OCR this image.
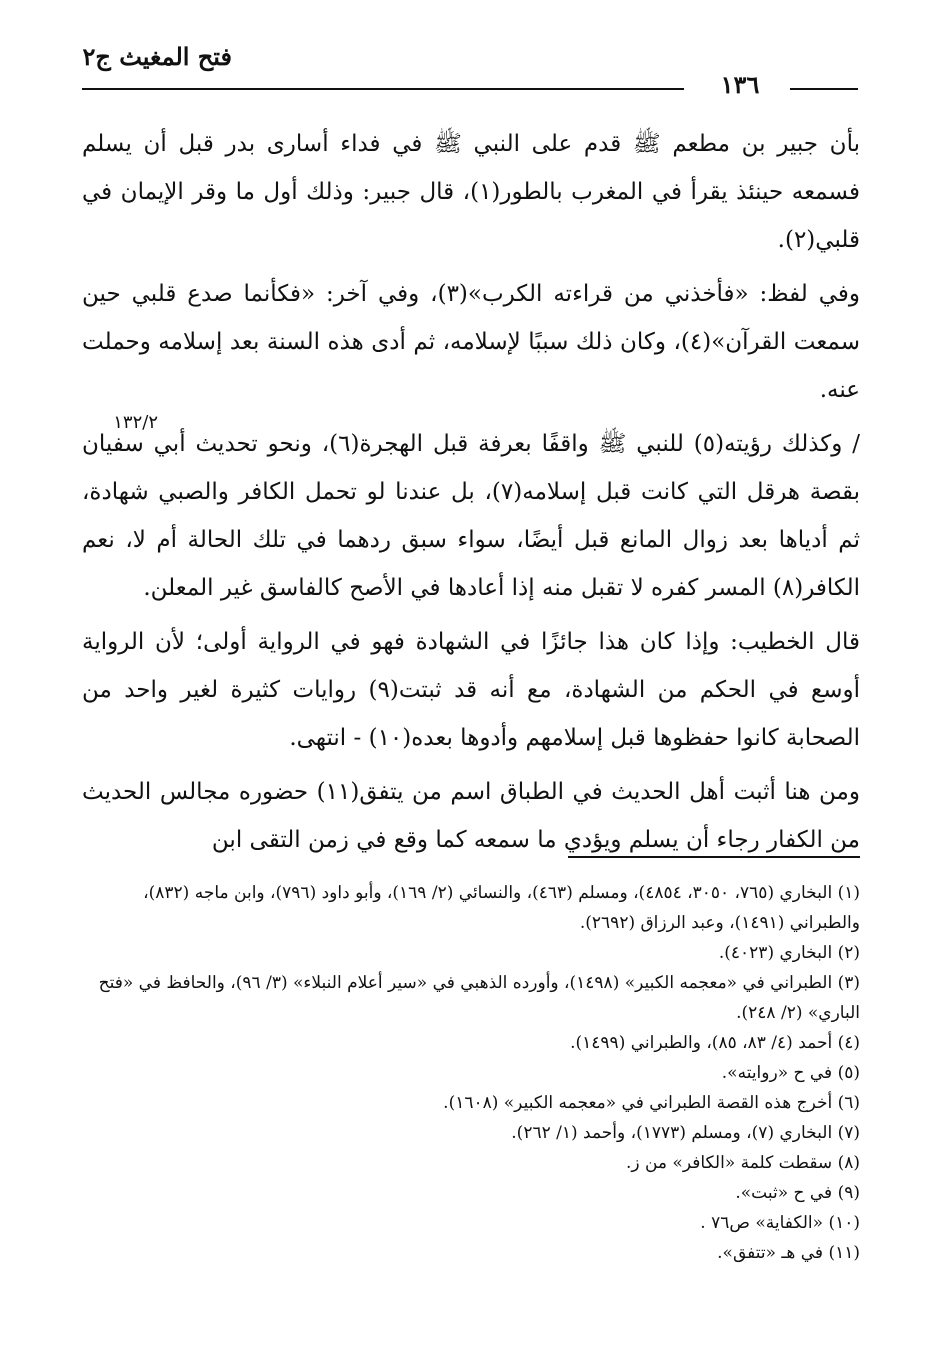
فتح المغيث ج٢
١٣٦
١٣٢/٢

بأن جبير بن مطعم ﷺ قدم على النبي ﷺ في فداء أسارى بدر قبل أن يسلم فسمعه حينئذ يقرأ في المغرب بالطور(١)، قال جبير: وذلك أول ما وقر الإيمان في قلبي(٢).

وفي لفظ: «فأخذني من قراءته الكرب»(٣)، وفي آخر: «فكأنما صدع قلبي حين سمعت القرآن»(٤)، وكان ذلك سببًا لإسلامه، ثم أدى هذه السنة بعد إسلامه وحملت عنه.

/ وكذلك رؤيته(٥) للنبي ﷺ واقفًا بعرفة قبل الهجرة(٦)، ونحو تحديث أبي سفيان بقصة هرقل التي كانت قبل إسلامه(٧)، بل عندنا لو تحمل الكافر والصبي شهادة، ثم أدياها بعد زوال المانع قبل أيضًا، سواء سبق ردهما في تلك الحالة أم لا، نعم الكافر(٨) المسر كفره لا تقبل منه إذا أعادها في الأصح كالفاسق غير المعلن.

قال الخطيب: وإذا كان هذا جائزًا في الشهادة فهو في الرواية أولى؛ لأن الرواية أوسع في الحكم من الشهادة، مع أنه قد ثبتت(٩) روايات كثيرة لغير واحد من الصحابة كانوا حفظوها قبل إسلامهم وأدوها بعده(١٠) - انتهى.

ومن هنا أثبت أهل الحديث في الطباق اسم من يتفق(١١) حضوره مجالس الحديث من الكفار رجاء أن يسلم ويؤدي ما سمعه كما وقع في زمن التقى ابن

(١) البخاري (٧٦٥، ٣٠٥٠، ٤٨٥٤)، ومسلم (٤٦٣)، والنسائي (٢/ ١٦٩)، وأبو داود (٧٩٦)، وابن ماجه (٨٣٢)، والطبراني (١٤٩١)، وعبد الرزاق (٢٦٩٢).

(٢) البخاري (٤٠٢٣).

(٣) الطبراني في «معجمه الكبير» (١٤٩٨)، وأورده الذهبي في «سير أعلام النبلاء» (٣/ ٩٦)، والحافظ في «فتح الباري» (٢/ ٢٤٨).

(٤) أحمد (٤/ ٨٣، ٨٥)، والطبراني (١٤٩٩).

(٥) في ح «روايته».

(٦) أخرج هذه القصة الطبراني في «معجمه الكبير» (١٦٠٨).

(٧) البخاري (٧)، ومسلم (١٧٧٣)، وأحمد (١/ ٢٦٢).

(٨) سقطت كلمة «الكافر» من ز.

(٩) في ح «ثبت».

(١٠) «الكفاية» ص٧٦ .

(١١) في هـ «تتفق».
